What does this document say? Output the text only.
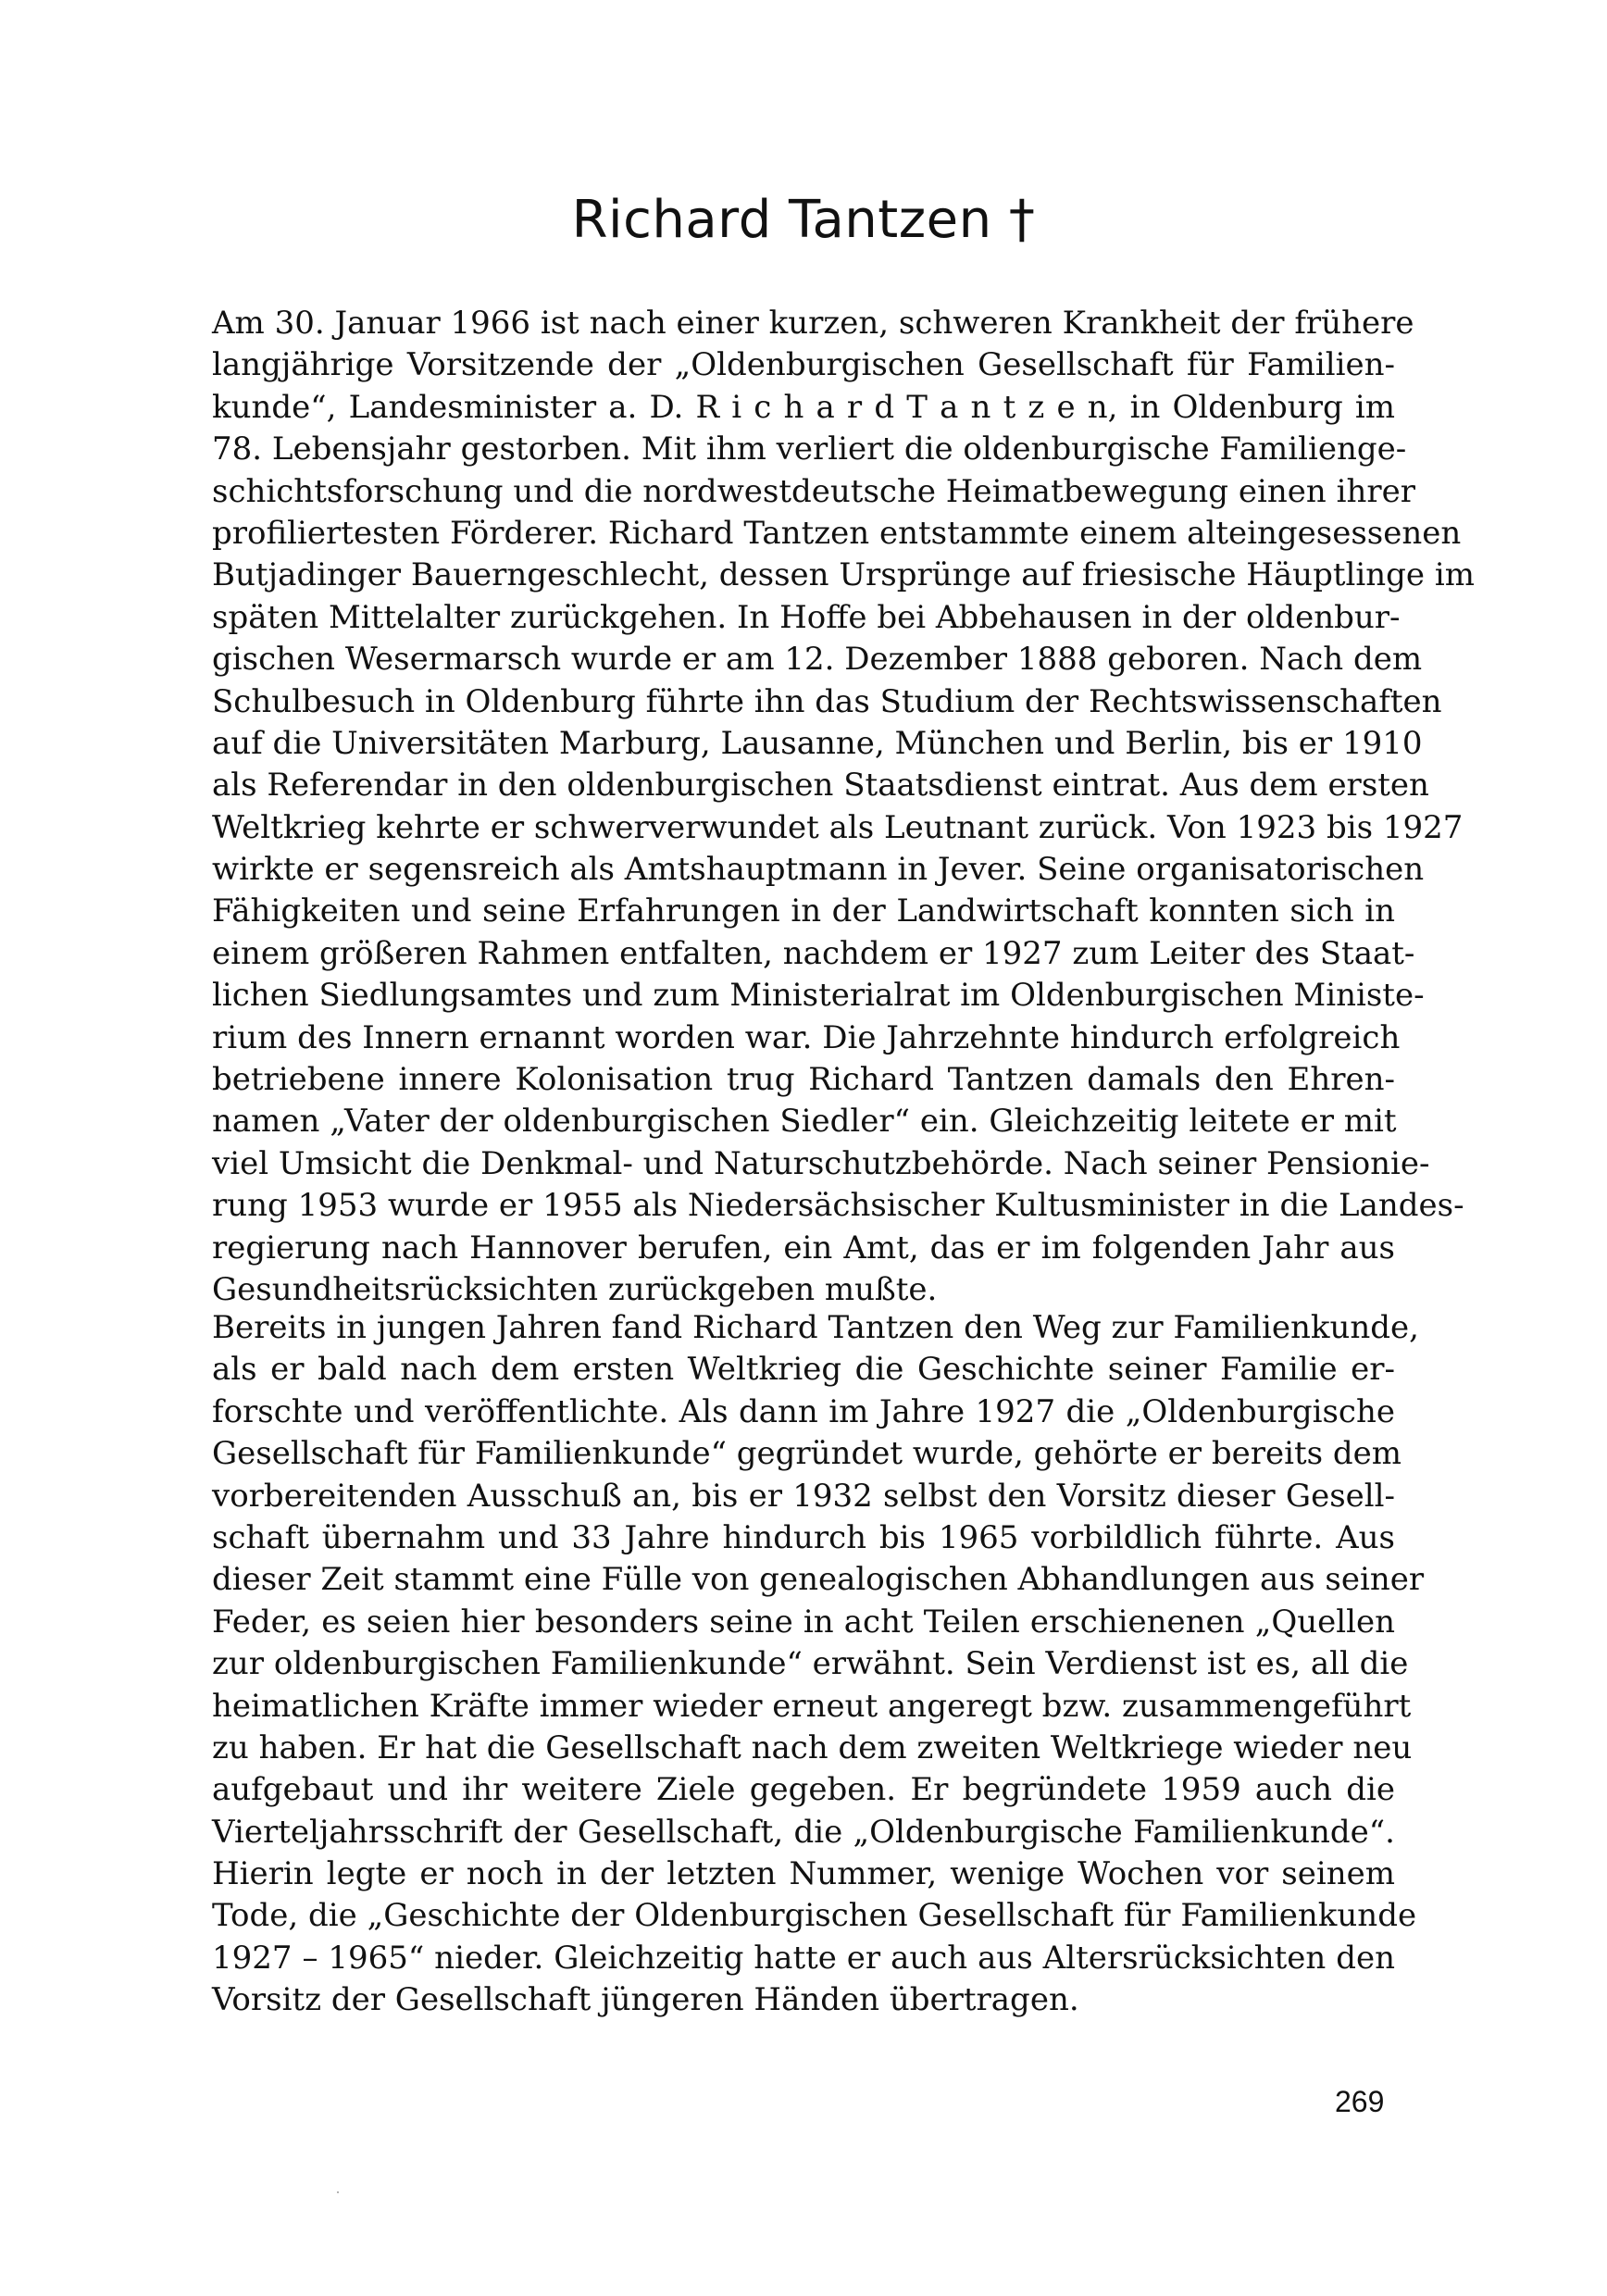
Richard Tantzen †
Am 30. Januar 1966 ist nach einer kurzen, schweren Krankheit der frühere
langjährige Vorsitzende der „Oldenburgischen Gesellschaft für Familien-
kunde“, Landesminister a. D. R i c h a r d T a n t z e n, in Oldenburg im
78. Lebensjahr gestorben. Mit ihm verliert die oldenburgische Familienge-
schichtsforschung und die nordwestdeutsche Heimatbewegung einen ihrer
profiliertesten Förderer. Richard Tantzen entstammte einem alteingesessenen
Butjadinger Bauerngeschlecht, dessen Ursprünge auf friesische Häuptlinge im
späten Mittelalter zurückgehen. In Hoffe bei Abbehausen in der oldenbur-
gischen Wesermarsch wurde er am 12. Dezember 1888 geboren. Nach dem
Schulbesuch in Oldenburg führte ihn das Studium der Rechtswissenschaften
auf die Universitäten Marburg, Lausanne, München und Berlin, bis er 1910
als Referendar in den oldenburgischen Staatsdienst eintrat. Aus dem ersten
Weltkrieg kehrte er schwerverwundet als Leutnant zurück. Von 1923 bis 1927
wirkte er segensreich als Amtshauptmann in Jever. Seine organisatorischen
Fähigkeiten und seine Erfahrungen in der Landwirtschaft konnten sich in
einem größeren Rahmen entfalten, nachdem er 1927 zum Leiter des Staat-
lichen Siedlungsamtes und zum Ministerialrat im Oldenburgischen Ministe-
rium des Innern ernannt worden war. Die Jahrzehnte hindurch erfolgreich
betriebene innere Kolonisation trug Richard Tantzen damals den Ehren-
namen „Vater der oldenburgischen Siedler“ ein. Gleichzeitig leitete er mit
viel Umsicht die Denkmal- und Naturschutzbehörde. Nach seiner Pensionie-
rung 1953 wurde er 1955 als Niedersächsischer Kultusminister in die Landes-
regierung nach Hannover berufen, ein Amt, das er im folgenden Jahr aus
Gesundheitsrücksichten zurückgeben mußte.
Bereits in jungen Jahren fand Richard Tantzen den Weg zur Familienkunde,
als er bald nach dem ersten Weltkrieg die Geschichte seiner Familie er-
forschte und veröffentlichte. Als dann im Jahre 1927 die „Oldenburgische
Gesellschaft für Familienkunde“ gegründet wurde, gehörte er bereits dem
vorbereitenden Ausschuß an, bis er 1932 selbst den Vorsitz dieser Gesell-
schaft übernahm und 33 Jahre hindurch bis 1965 vorbildlich führte. Aus
dieser Zeit stammt eine Fülle von genealogischen Abhandlungen aus seiner
Feder, es seien hier besonders seine in acht Teilen erschienenen „Quellen
zur oldenburgischen Familienkunde“ erwähnt. Sein Verdienst ist es, all die
heimatlichen Kräfte immer wieder erneut angeregt bzw. zusammengeführt
zu haben. Er hat die Gesellschaft nach dem zweiten Weltkriege wieder neu
aufgebaut und ihr weitere Ziele gegeben. Er begründete 1959 auch die
Vierteljahrsschrift der Gesellschaft, die „Oldenburgische Familienkunde“.
Hierin legte er noch in der letzten Nummer, wenige Wochen vor seinem
Tode, die „Geschichte der Oldenburgischen Gesellschaft für Familienkunde
1927 – 1965“ nieder. Gleichzeitig hatte er auch aus Altersrücksichten den
Vorsitz der Gesellschaft jüngeren Händen übertragen.
269
